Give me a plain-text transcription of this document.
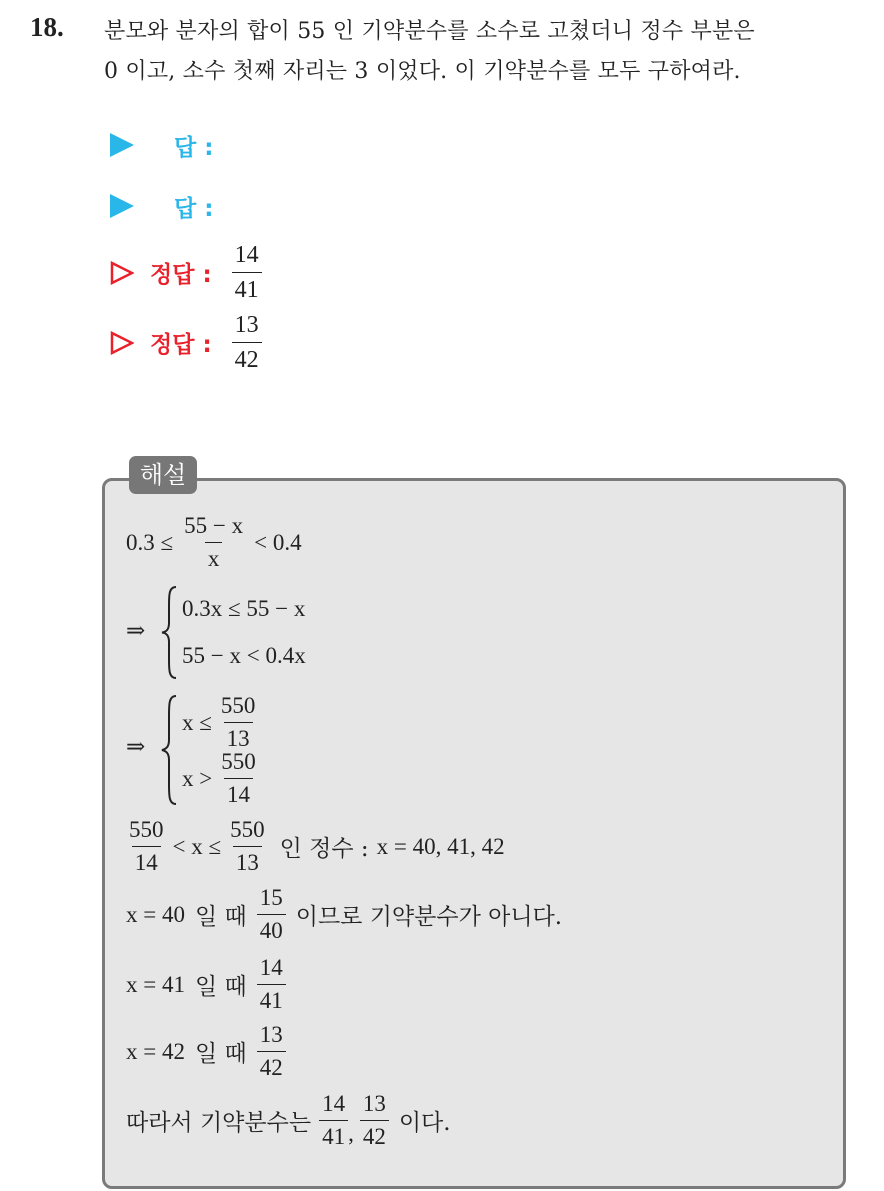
18. 분모와 분자의 합이 55 인 기약분수를 소수로 고쳤더니 정수 부분은
0 이고, 소수 첫째 자리는 3 이었다. 이 기약분수를 모두 구하여라.
답 :
답 :
정답 : $\frac{14}{41}$
정답 : $\frac{13}{42}$
해설
$0.3 \le \frac{55 - x}{x} < 0.4$
⇒
0.3x ≤ 55 − x
55 − x < 0.4x
⇒
$x \le \frac{550}{13}$
$x > \frac{550}{14}$
$\frac{550}{14} < x \le \frac{550}{13}$ 인 정수 : x = 40, 41, 42
x = 40 일 때 $\frac{15}{40}$ 이므로 기약분수가 아니다.
x = 41 일 때 $\frac{14}{41}$
x = 42 일 때 $\frac{13}{42}$
따라서 기약분수는 $\frac{14}{41}$ , $\frac{13}{42}$ 이다.
